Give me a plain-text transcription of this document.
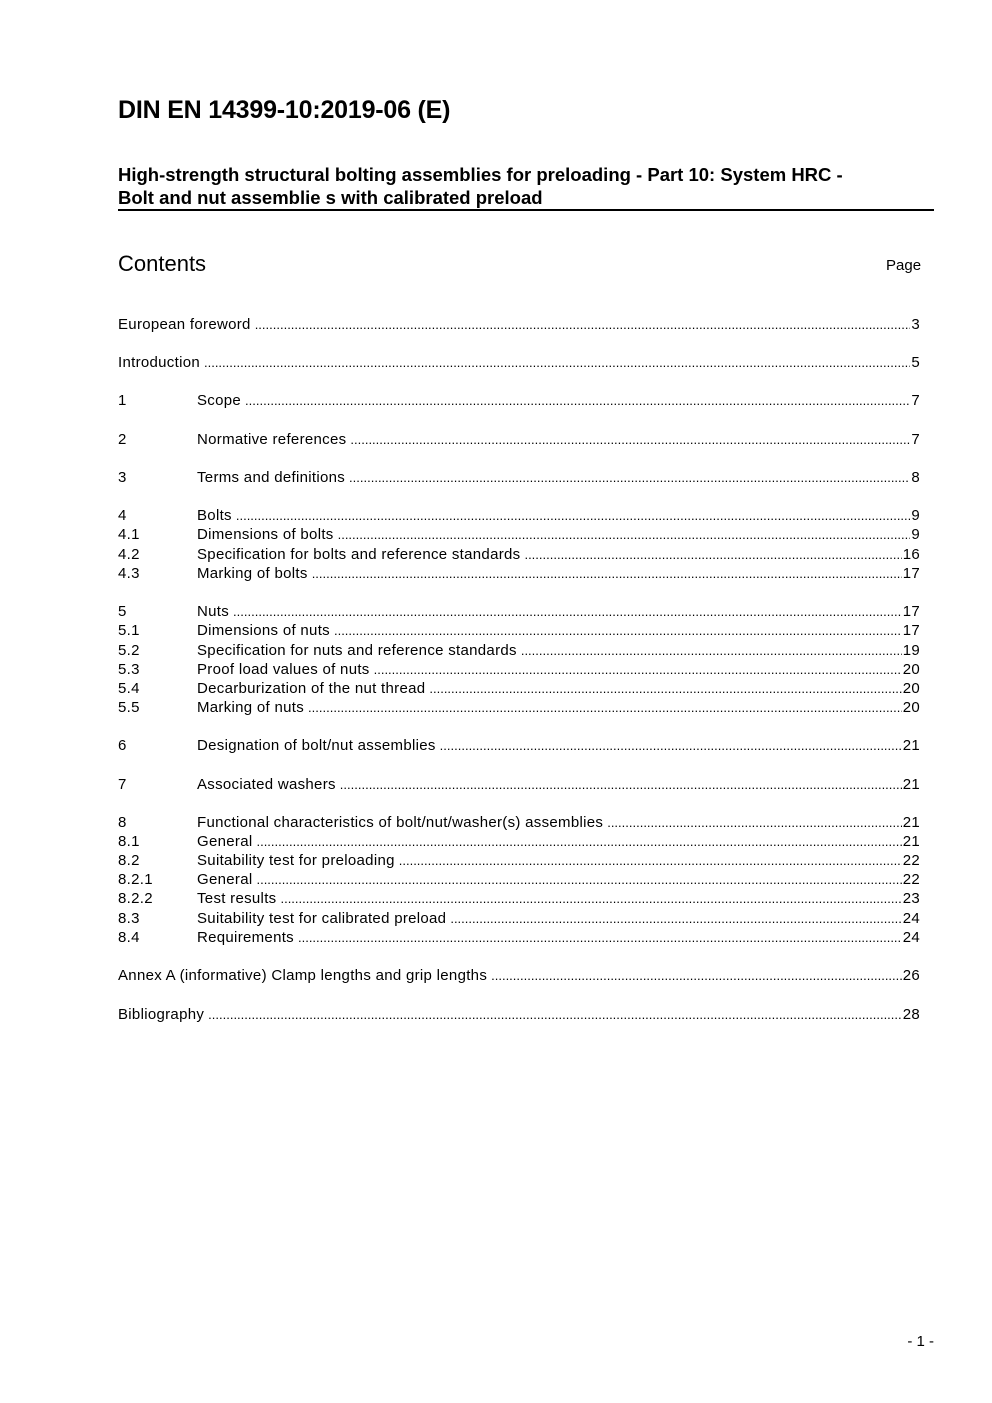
DIN EN 14399-10:2019-06 (E)
High-strength structural bolting assemblies for preloading - Part 10: System HRC -
Bolt and nut assemblie s with calibrated preload
Contents	Page
European foreword .....	3
Introduction .....	5
1	Scope .....	7
2	Normative references .....	7
3	Terms and definitions .....	8
4	Bolts .....	9
4.1	Dimensions of bolts .....	9
4.2	Specification for bolts and reference standards .....	16
4.3	Marking of bolts .....	17
5	Nuts .....	17
5.1	Dimensions of nuts .....	17
5.2	Specification for nuts and reference standards .....	19
5.3	Proof load values of nuts .....	20
5.4	Decarburization of the nut thread .....	20
5.5	Marking of nuts .....	20
6	Designation of bolt/nut assemblies .....	21
7	Associated washers .....	21
8	Functional characteristics of bolt/nut/washer(s) assemblies .....	21
8.1	General .....	21
8.2	Suitability test for preloading .....	22
8.2.1	General .....	22
8.2.2	Test results .....	23
8.3	Suitability test for calibrated preload .....	24
8.4	Requirements .....	24
Annex A (informative) Clamp lengths and grip lengths .....	26
Bibliography .....	28
- 1 -
